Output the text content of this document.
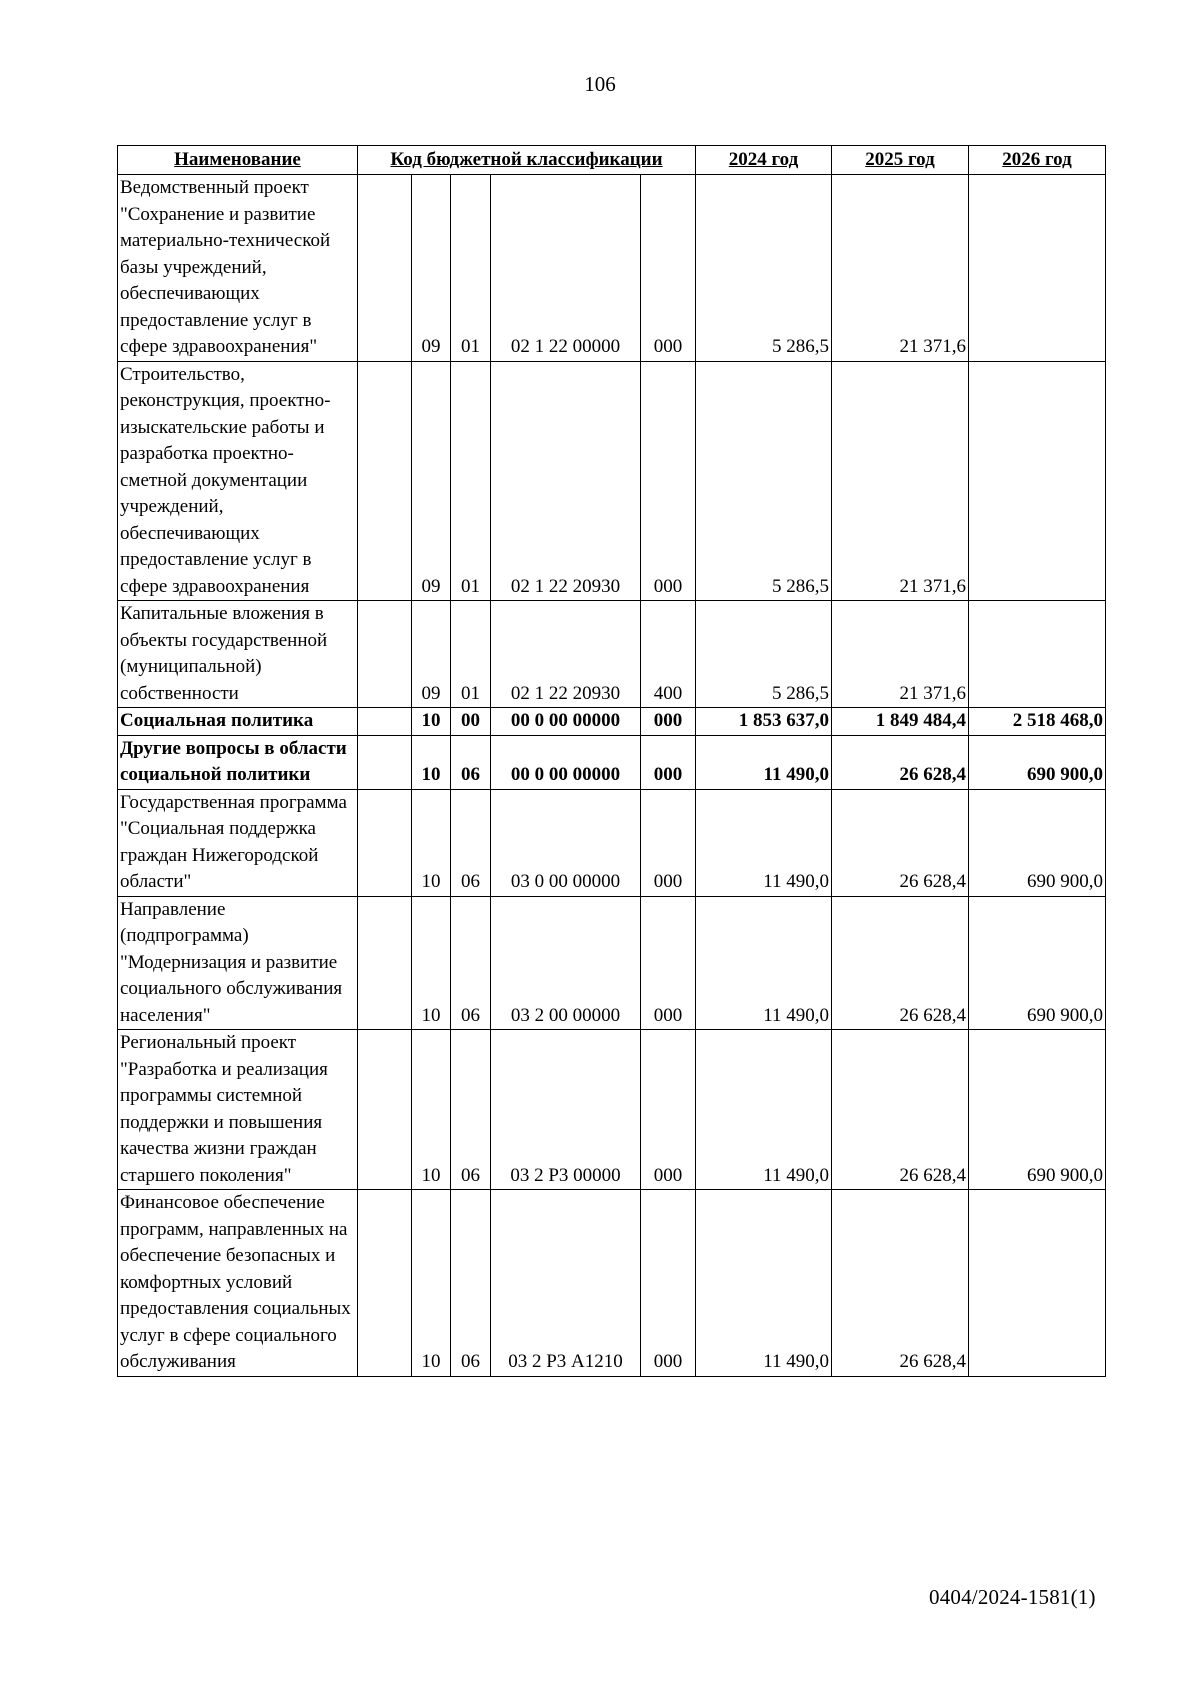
106
Наименование	Код бюджетной классификации					2024 год	2025 год	2026 год
Ведомственный проект "Сохранение и развитие материально-технической базы учреждений, обеспечивающих предоставление услуг в сфере здравоохранения"		09	01	02 1 22 00000	000	5 286,5	21 371,6	
Строительство, реконструкция, проектно-изыскательские работы и разработка проектно-сметной документации учреждений, обеспечивающих предоставление услуг в сфере здравоохранения		09	01	02 1 22 20930	000	5 286,5	21 371,6	
Капитальные вложения в объекты государственной (муниципальной) собственности		09	01	02 1 22 20930	400	5 286,5	21 371,6	
Социальная политика		10	00	00 0 00 00000	000	1 853 637,0	1 849 484,4	2 518 468,0
Другие вопросы в области социальной политики		10	06	00 0 00 00000	000	11 490,0	26 628,4	690 900,0
Государственная программа "Социальная поддержка граждан Нижегородской области"		10	06	03 0 00 00000	000	11 490,0	26 628,4	690 900,0
Направление (подпрограмма) "Модернизация и развитие социального обслуживания населения"		10	06	03 2 00 00000	000	11 490,0	26 628,4	690 900,0
Региональный проект "Разработка и реализация программы системной поддержки и повышения качества жизни граждан старшего поколения"		10	06	03 2 Р3 00000	000	11 490,0	26 628,4	690 900,0
Финансовое обеспечение программ, направленных на обеспечение безопасных и комфортных условий предоставления социальных услуг в сфере социального обслуживания		10	06	03 2 Р3 А1210	000	11 490,0	26 628,4	
0404/2024-1581(1)
